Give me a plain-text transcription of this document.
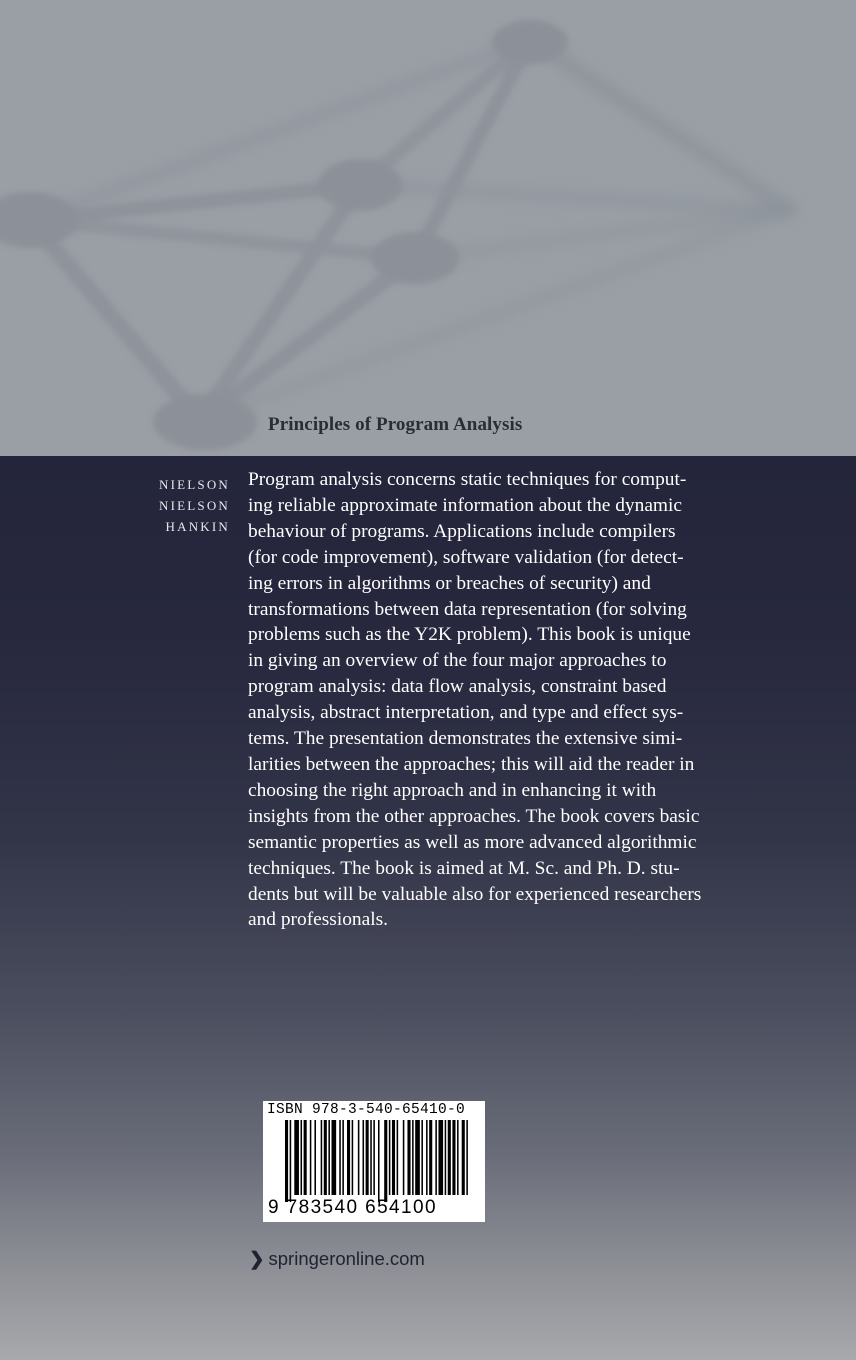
Principles of Program Analysis
NIELSON
NIELSON
HANKIN
Program analysis concerns static techniques for comput-
ing reliable approximate information about the dynamic
behaviour of programs. Applications include compilers
(for code improvement), software validation (for detect-
ing errors in algorithms or breaches of security) and
transformations between data representation (for solving
problems such as the Y2K problem). This book is unique
in giving an overview of the four major approaches to
program analysis: data flow analysis, constraint based
analysis, abstract interpretation, and type and effect sys-
tems. The presentation demonstrates the extensive simi-
larities between the approaches; this will aid the reader in
choosing the right approach and in enhancing it with
insights from the other approaches. The book covers basic
semantic properties as well as more advanced algorithmic
techniques. The book is aimed at M. Sc. and Ph. D. stu-
dents but will be valuable also for experienced researchers
and professionals.
ISBN 978-3-540-65410-0
9 783540 654100
❯ springeronline.com
